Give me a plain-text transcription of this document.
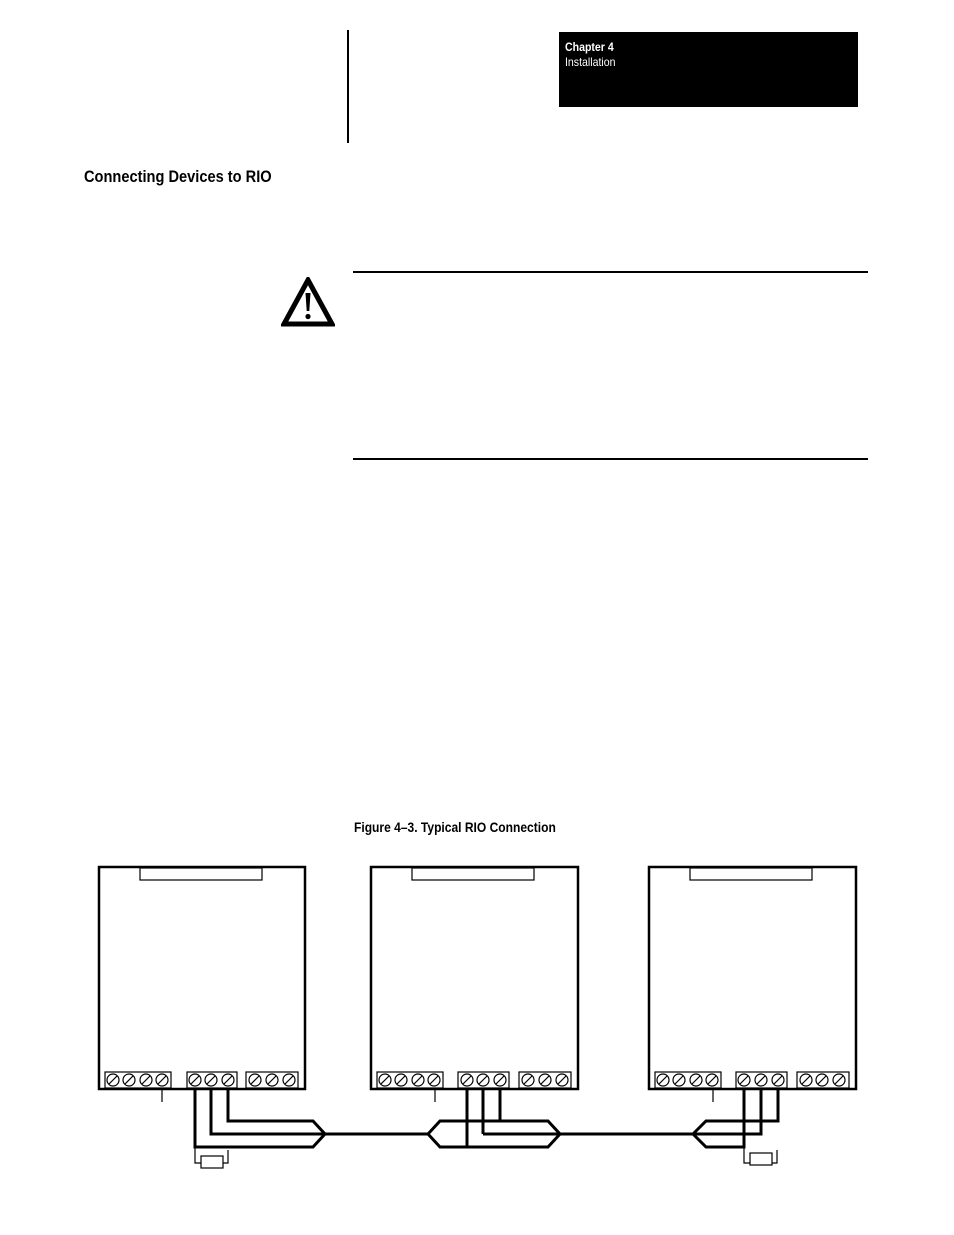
Chapter 4
Installation
Connecting Devices to RIO
Figure 4–3. Typical RIO Connection
